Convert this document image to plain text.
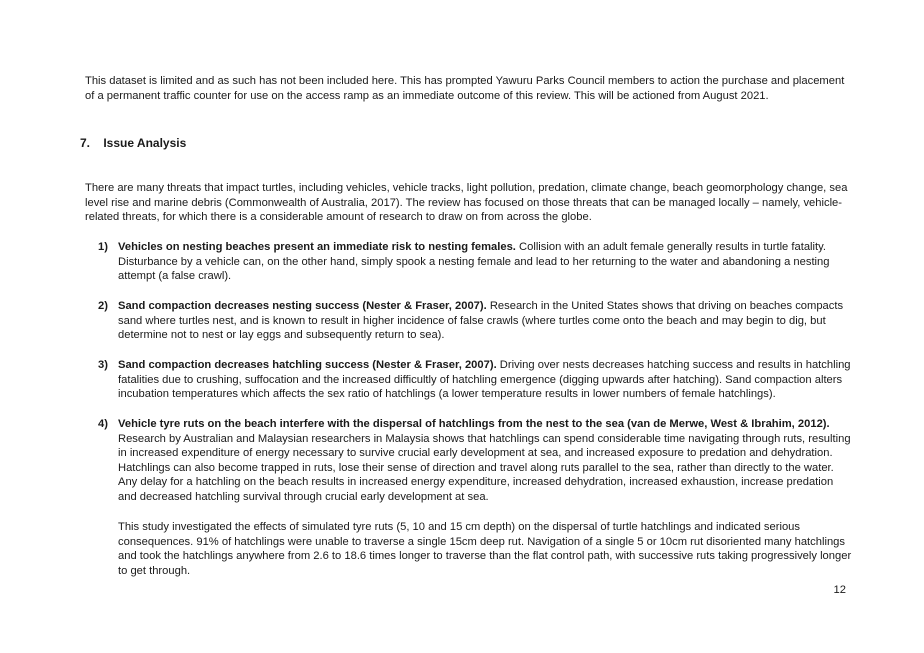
This dataset is limited and as such has not been included here. This has prompted Yawuru Parks Council members to action the purchase and placement of a permanent traffic counter for use on the access ramp as an immediate outcome of this review. This will be actioned from August 2021.

7. Issue Analysis

There are many threats that impact turtles, including vehicles, vehicle tracks, light pollution, predation, climate change, beach geomorphology change, sea level rise and marine debris (Commonwealth of Australia, 2017). The review has focused on those threats that can be managed locally – namely, vehicle-related threats, for which there is a considerable amount of research to draw on from across the globe.

1) Vehicles on nesting beaches present an immediate risk to nesting females. Collision with an adult female generally results in turtle fatality. Disturbance by a vehicle can, on the other hand, simply spook a nesting female and lead to her returning to the water and abandoning a nesting attempt (a false crawl).
2) Sand compaction decreases nesting success (Nester & Fraser, 2007). Research in the United States shows that driving on beaches compacts sand where turtles nest, and is known to result in higher incidence of false crawls (where turtles come onto the beach and may begin to dig, but determine not to nest or lay eggs and subsequently return to sea).
3) Sand compaction decreases hatchling success (Nester & Fraser, 2007). Driving over nests decreases hatching success and results in hatchling fatalities due to crushing, suffocation and the increased difficultly of hatchling emergence (digging upwards after hatching). Sand compaction alters incubation temperatures which affects the sex ratio of hatchlings (a lower temperature results in lower numbers of female hatchlings).
4) Vehicle tyre ruts on the beach interfere with the dispersal of hatchlings from the nest to the sea (van de Merwe, West & Ibrahim, 2012). Research by Australian and Malaysian researchers in Malaysia shows that hatchlings can spend considerable time navigating through ruts, resulting in increased expenditure of energy necessary to survive crucial early development at sea, and increased exposure to predation and dehydration. Hatchlings can also become trapped in ruts, lose their sense of direction and travel along ruts parallel to the sea, rather than directly to the water. Any delay for a hatchling on the beach results in increased energy expenditure, increased dehydration, increased exhaustion, increase predation and decreased hatchling survival through crucial early development at sea.

This study investigated the effects of simulated tyre ruts (5, 10 and 15 cm depth) on the dispersal of turtle hatchlings and indicated serious consequences. 91% of hatchlings were unable to traverse a single 15cm deep rut. Navigation of a single 5 or 10cm rut disoriented many hatchlings and took the hatchlings anywhere from 2.6 to 18.6 times longer to traverse than the flat control path, with successive ruts taking progressively longer to get through.

12
